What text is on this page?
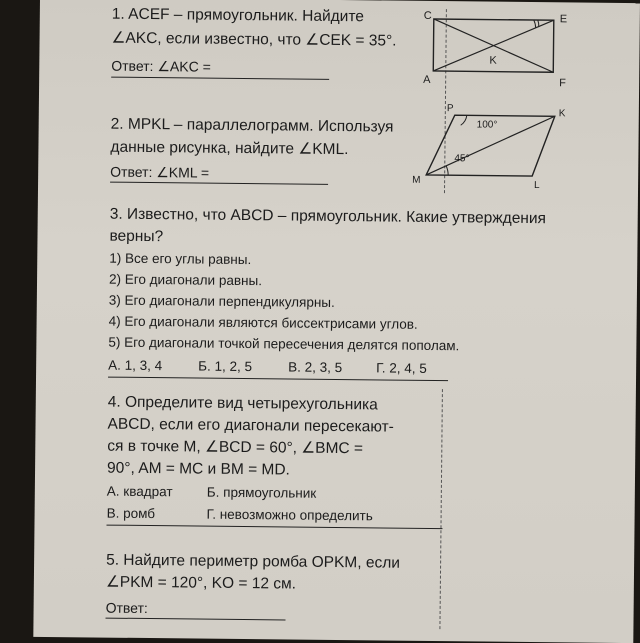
1. ACEF – прямоугольник. Найдите
∠AKC, если известно, что ∠CEK = 35°.
Ответ: ∠AKC =
C	E
A	F
K
2. MPKL – параллелограмм. Используя
данные рисунка, найдите ∠KML.
Ответ: ∠KML =
P	K
M	L
100°
45°
3. Известно, что ABCD – прямоугольник. Какие утверждения
верны?
1) Все его углы равны.
2) Его диагонали равны.
3) Его диагонали перпендикулярны.
4) Его диагонали являются биссектрисами углов.
5) Его диагонали точкой пересечения делятся пополам.
А. 1, 3, 4	Б. 1, 2, 5	В. 2, 3, 5	Г. 2, 4, 5
4. Определите вид четырехугольника
ABCD, если его диагонали пересекают-
ся в точке M, ∠BCD = 60°, ∠BMC =
90°, AM = MC и BM = MD.
А. квадрат	Б. прямоугольник
В. ромб	Г. невозможно определить
5. Найдите периметр ромба OPKM, если
∠PKM = 120°, KO = 12 см.
Ответ:
